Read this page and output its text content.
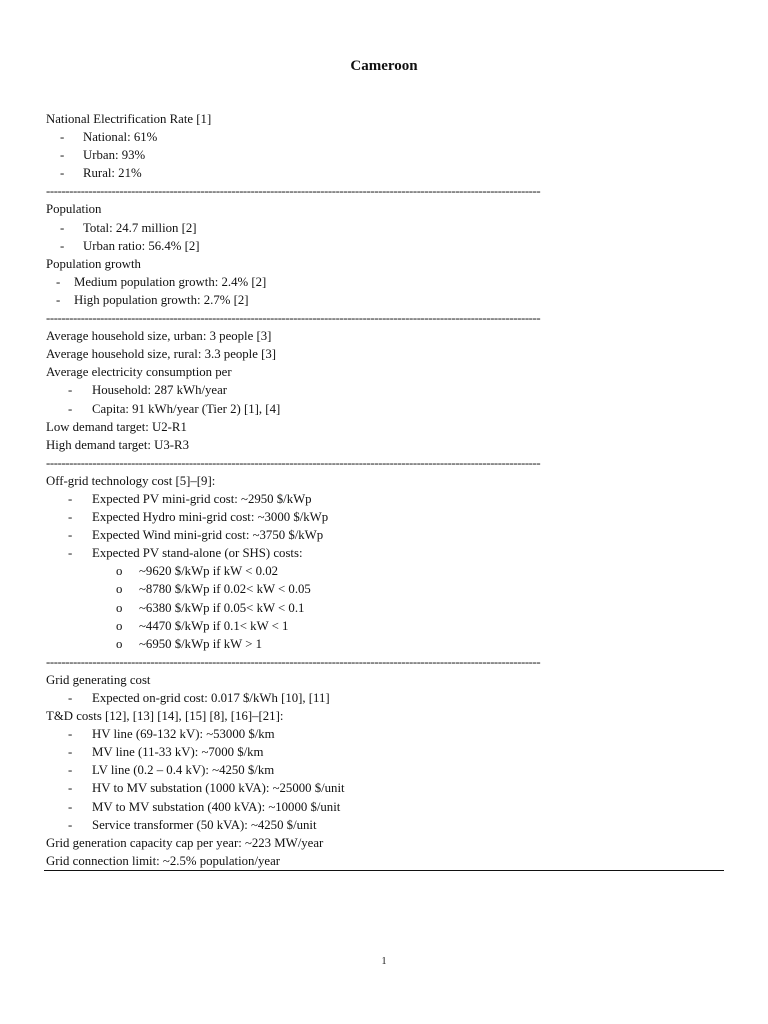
Cameroon
National Electrification Rate [1]
- National: 61%
- Urban: 93%
- Rural: 21%
--------------------------------------------------------------------------------------------------------------------------------
Population
- Total: 24.7 million [2]
- Urban ratio: 56.4% [2]
Population growth
- Medium population growth: 2.4% [2]
- High population growth: 2.7% [2]
--------------------------------------------------------------------------------------------------------------------------------
Average household size, urban: 3 people [3]
Average household size, rural: 3.3 people [3]
Average electricity consumption per
- Household: 287 kWh/year
- Capita: 91 kWh/year (Tier 2) [1], [4]
Low demand target: U2-R1
High demand target: U3-R3
--------------------------------------------------------------------------------------------------------------------------------
Off-grid technology cost [5]–[9]:
- Expected PV mini-grid cost: ~2950 $/kWp
- Expected Hydro mini-grid cost: ~3000 $/kWp
- Expected Wind mini-grid cost: ~3750 $/kWp
- Expected PV stand-alone (or SHS) costs:
o ~9620 $/kWp if kW < 0.02
o ~8780 $/kWp if 0.02< kW < 0.05
o ~6380 $/kWp if 0.05< kW < 0.1
o ~4470 $/kWp if 0.1< kW < 1
o ~6950 $/kWp if kW > 1
--------------------------------------------------------------------------------------------------------------------------------
Grid generating cost
- Expected on-grid cost: 0.017 $/kWh [10], [11]
T&D costs [12], [13] [14], [15] [8], [16]–[21]:
- HV line (69-132 kV): ~53000 $/km
- MV line (11-33 kV): ~7000 $/km
- LV line (0.2 – 0.4 kV): ~4250 $/km
- HV to MV substation (1000 kVA): ~25000 $/unit
- MV to MV substation (400 kVA): ~10000 $/unit
- Service transformer (50 kVA): ~4250 $/unit
Grid generation capacity cap per year: ~223 MW/year
Grid connection limit: ~2.5% population/year
1
